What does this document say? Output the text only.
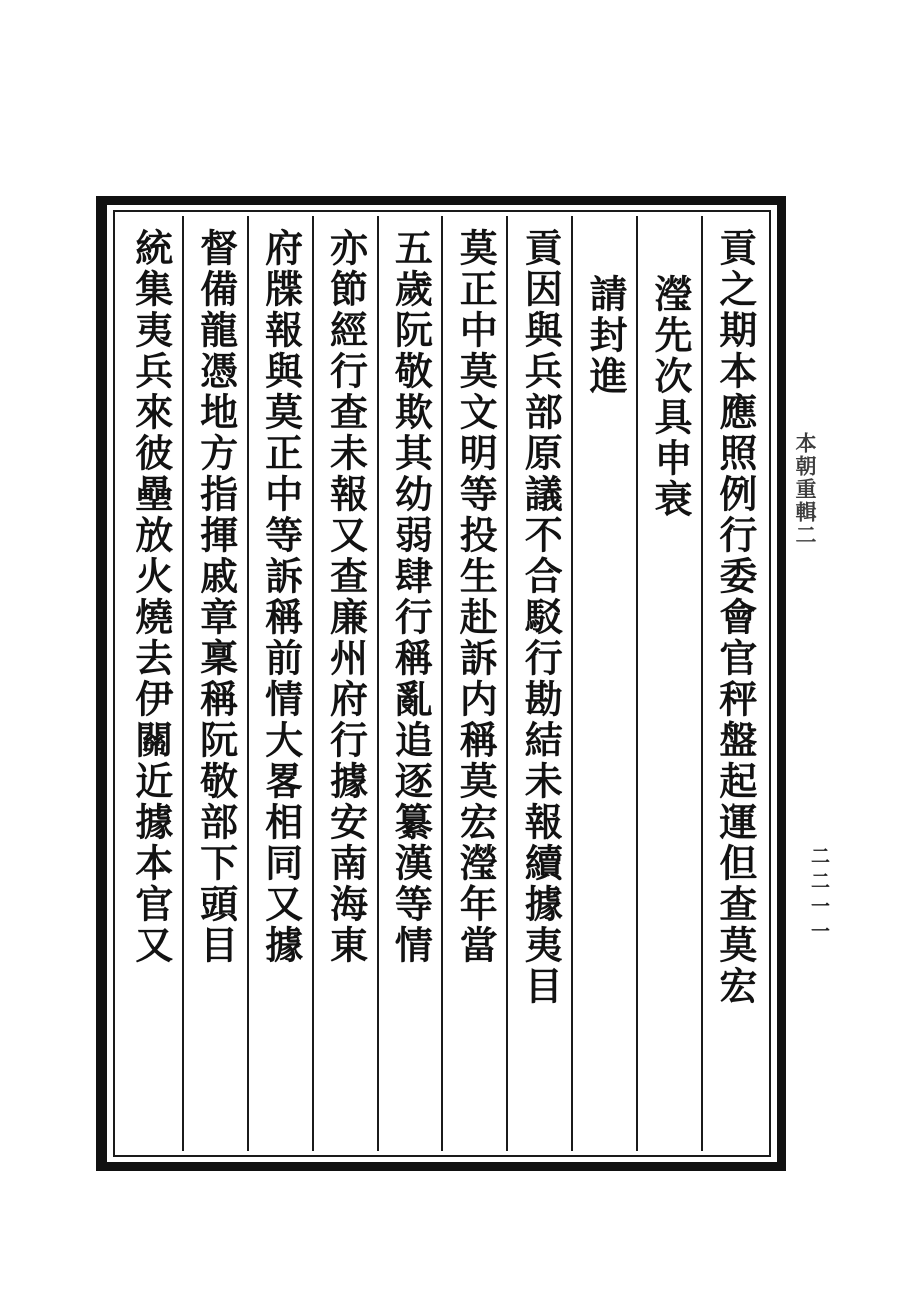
貢之期本應照例行委會官秤盤起運但查莫宏
瀅先次具申衰
請封進
貢因與兵部原議不合駁行勘結未報續據夷目
莫正中莫文明等投生赴訴内稱莫宏瀅年當
五歲阮敬欺其幼弱肆行稱亂追逐纂漢等情
亦節經行查未報又查廉州府行據安南海東
府牒報與莫正中等訴稱前情大畧相同又據
督備龍憑地方指揮戚章稟稱阮敬部下頭目
統集夷兵來彼壘放火燒去伊關近據本官又	本朝重輯二
二二一一
